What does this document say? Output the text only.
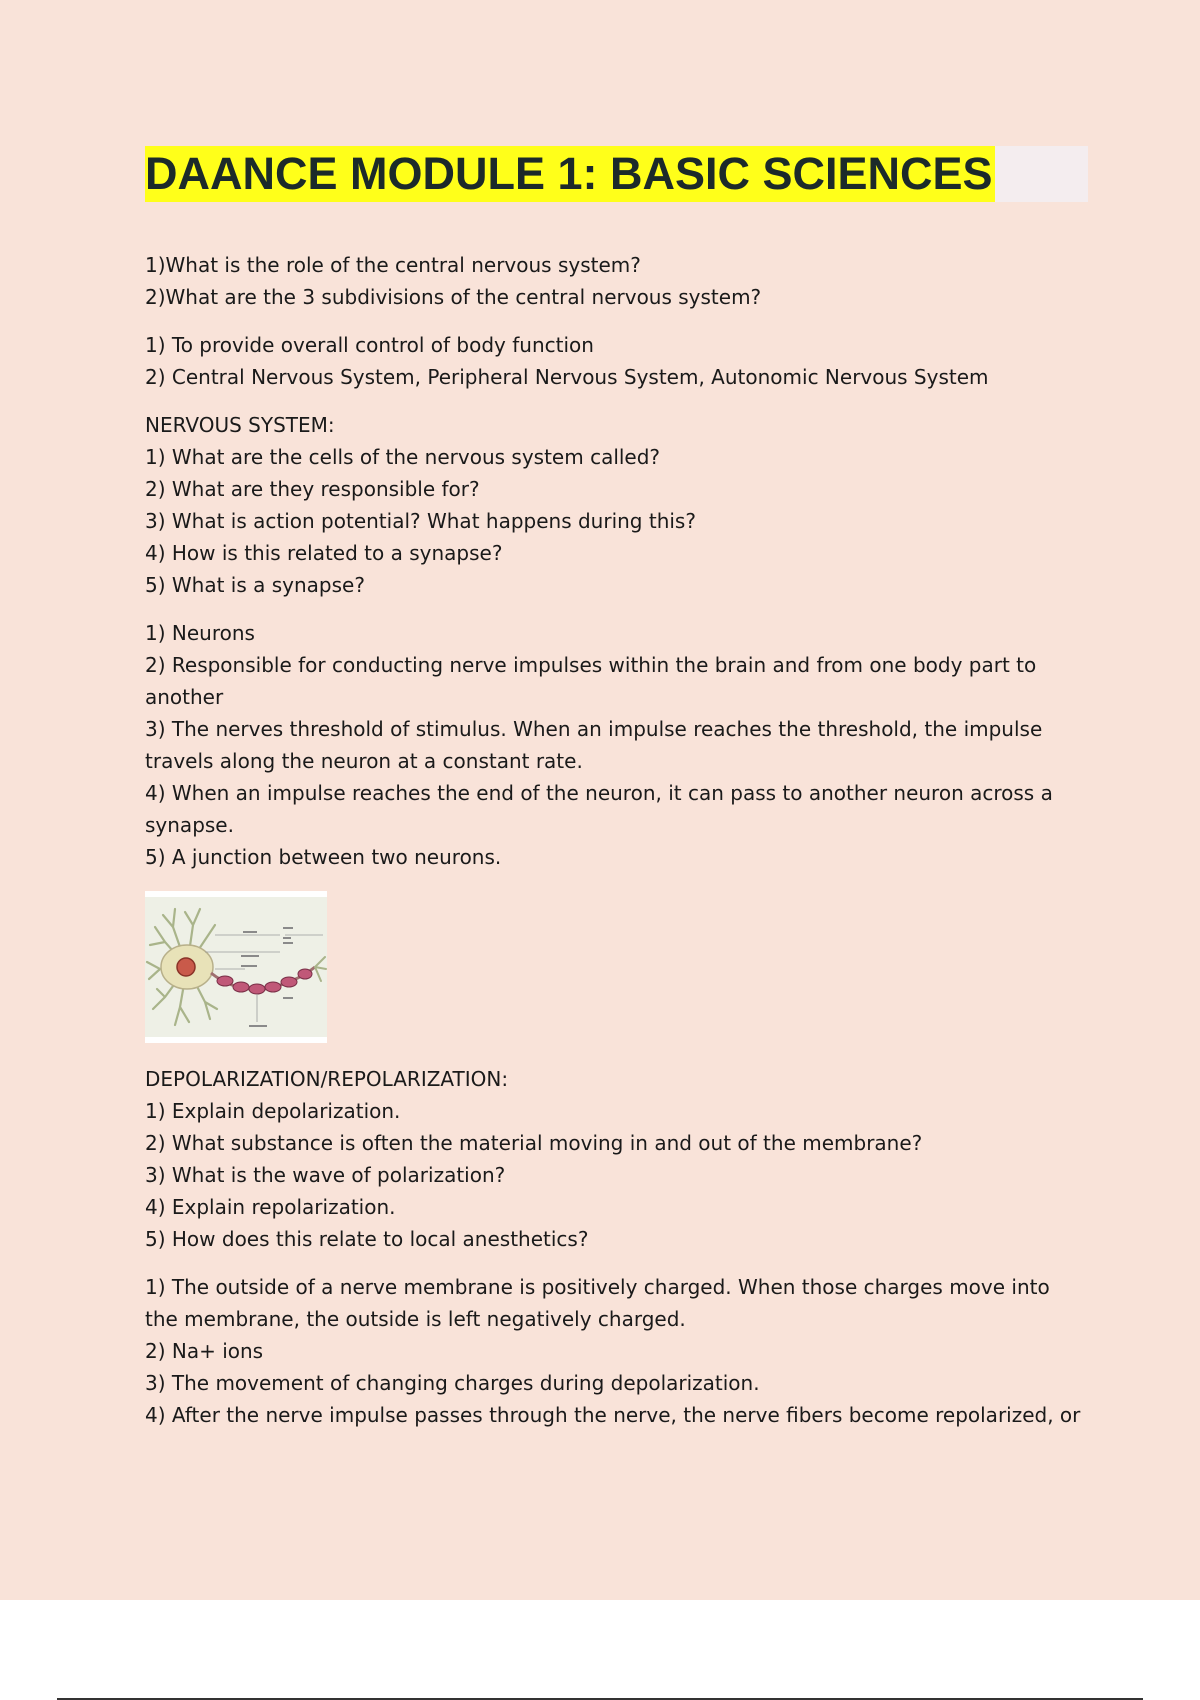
DAANCE MODULE 1: BASIC SCIENCES

1)What is the role of the central nervous system?

2)What are the 3 subdivisions of the central nervous system?

1) To provide overall control of body function

2) Central Nervous System, Peripheral Nervous System, Autonomic Nervous System

NERVOUS SYSTEM:

1) What are the cells of the nervous system called?

2) What are they responsible for?

3) What is action potential? What happens during this?

4) How is this related to a synapse?

5) What is a synapse?

1) Neurons

2) Responsible for conducting nerve impulses within the brain and from one body part to another

3) The nerves threshold of stimulus. When an impulse reaches the threshold, the impulse travels along the neuron at a constant rate.

4) When an impulse reaches the end of the neuron, it can pass to another neuron across a synapse.

5) A junction between two neurons.

DEPOLARIZATION/REPOLARIZATION:

1) Explain depolarization.

2) What substance is often the material moving in and out of the membrane?

3) What is the wave of polarization?

4) Explain repolarization.

5) How does this relate to local anesthetics?

1) The outside of a nerve membrane is positively charged. When those charges move into the membrane, the outside is left negatively charged.

2) Na+ ions

3) The movement of changing charges during depolarization.

4) After the nerve impulse passes through the nerve, the nerve fibers become repolarized, or
